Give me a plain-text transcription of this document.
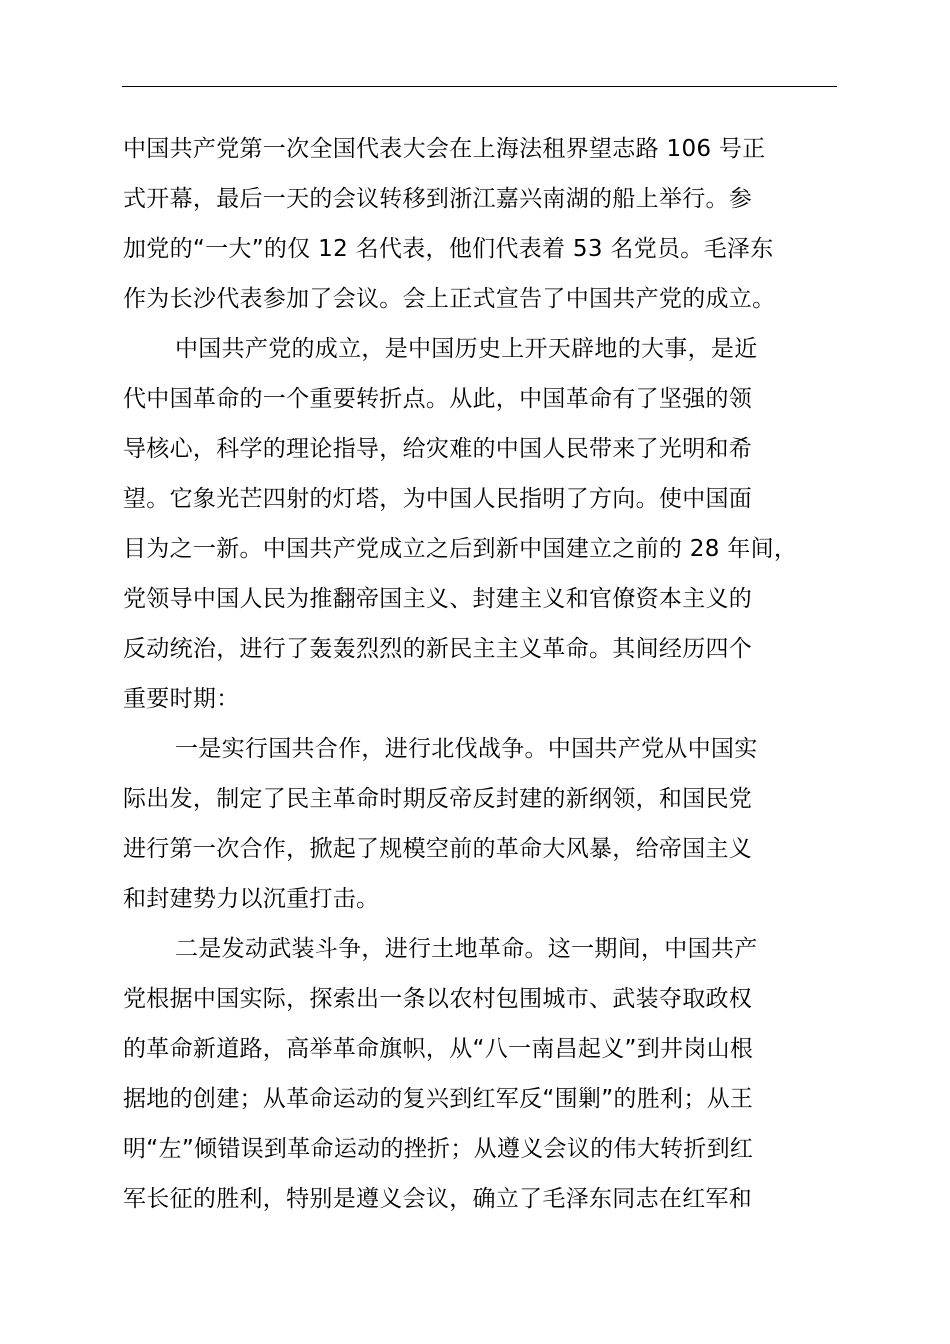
中国共产党第一次全国代表大会在上海法租界望志路 106 号正
式开幕，最后一天的会议转移到浙江嘉兴南湖的船上举行。参
加党的“一大”的仅 12 名代表，他们代表着 53 名党员。毛泽东
作为长沙代表参加了会议。会上正式宣告了中国共产党的成立。
中国共产党的成立，是中国历史上开天辟地的大事，是近
代中国革命的一个重要转折点。从此，中国革命有了坚强的领
导核心，科学的理论指导，给灾难的中国人民带来了光明和希
望。它象光芒四射的灯塔，为中国人民指明了方向。使中国面
目为之一新。中国共产党成立之后到新中国建立之前的 28 年间，
党领导中国人民为推翻帝国主义、封建主义和官僚资本主义的
反动统治，进行了轰轰烈烈的新民主主义革命。其间经历四个
重要时期：
一是实行国共合作，进行北伐战争。中国共产党从中国实
际出发，制定了民主革命时期反帝反封建的新纲领，和国民党
进行第一次合作，掀起了规模空前的革命大风暴，给帝国主义
和封建势力以沉重打击。
二是发动武装斗争，进行土地革命。这一期间，中国共产
党根据中国实际，探索出一条以农村包围城市、武装夺取政权
的革命新道路，高举革命旗帜，从“八一南昌起义”到井岗山根
据地的创建；从革命运动的复兴到红军反“围剿”的胜利；从王
明“左”倾错误到革命运动的挫折；从遵义会议的伟大转折到红
军长征的胜利，特别是遵义会议，确立了毛泽东同志在红军和
